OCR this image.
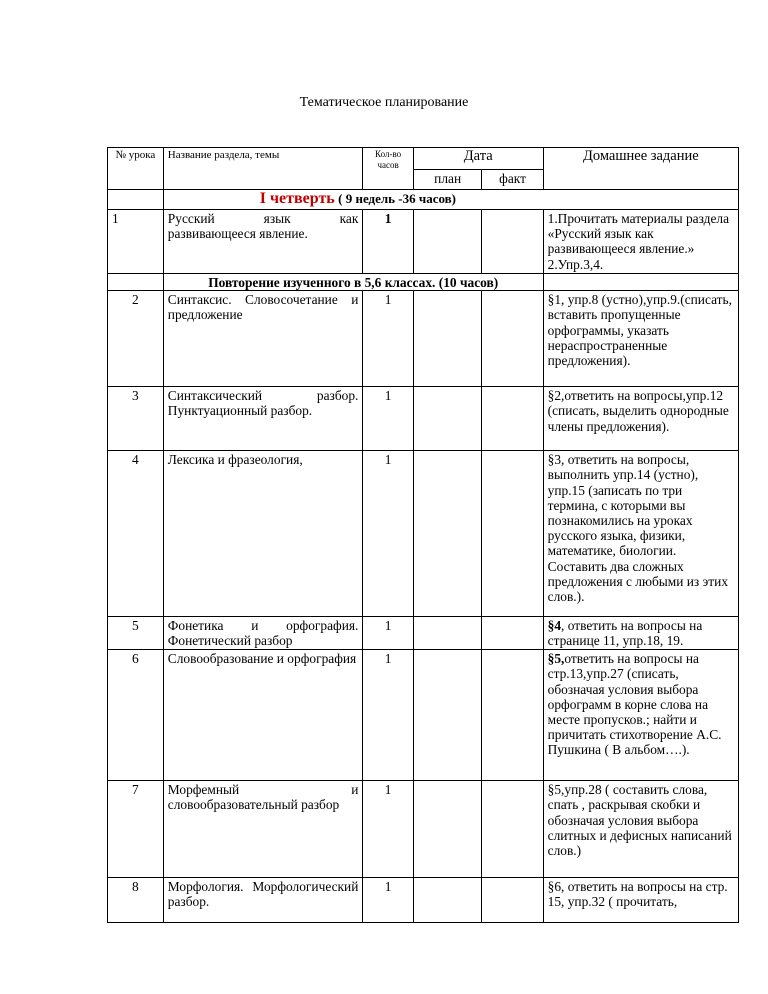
Тематическое планирование
№ урока	Название раздела, темы	Кол-во часов	Дата		Домашнее задание
			план	факт	
	I четверть ( 9 недель -36 часов)				
1	Русский язык как развивающееся явление.	1			1.Прочитать материалы раздела «Русский язык как развивающееся явление.» 2.Упр.3,4.
	Повторение изученного в 5,6 классах. (10 часов)				
2	Синтаксис. Словосочетание и предложение	1			§1, упр.8 (устно),упр.9.(списать, вставить пропущенные орфограммы, указать нераспространенные предложения).
3	Синтаксический разбор. Пунктуационный разбор.	1			§2,ответить на вопросы,упр.12 (списать, выделить однородные члены предложения).
4	Лексика и фразеология,	1			§3, ответить на вопросы, выполнить упр.14 (устно), упр.15 (записать по три термина, с которыми вы познакомились на уроках русского языка, физики, математике, биологии. Составить два сложных предложения с любыми из этих слов.).
5	Фонетика и орфография. Фонетический разбор	1			§4, ответить на вопросы на странице 11, упр.18, 19.
6	Словообразование и орфография	1			§5,ответить на вопросы на стр.13,упр.27 (списать, обозначая условия выбора орфограмм в корне слова на месте пропусков.; найти и причитать стихотворение А.С. Пушкина ( В альбом….).
7	Морфемный и словообразовательный разбор	1			§5,упр.28 ( составить слова, спать , раскрывая скобки и обозначая условия выбора слитных и дефисных написаний слов.)
8	Морфология. Морфологический разбор.	1			§6, ответить на вопросы на стр. 15, упр.32 ( прочитать,
